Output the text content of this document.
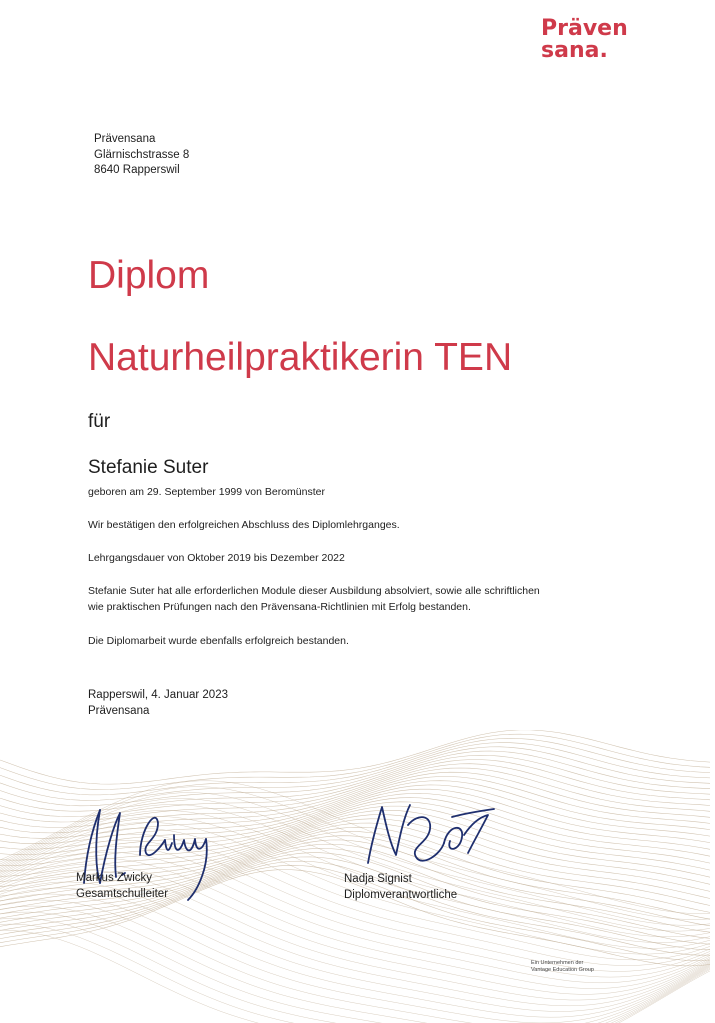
Präven
sana.
Prävensana
Glärnischstrasse 8
8640 Rapperswil
Diplom
Naturheilpraktikerin TEN
für
Stefanie Suter
geboren am 29. September 1999 von Beromünster
Wir bestätigen den erfolgreichen Abschluss des Diplomlehrganges.
Lehrgangsdauer von Oktober 2019 bis Dezember 2022
Stefanie Suter hat alle erforderlichen Module dieser Ausbildung absolviert, sowie alle schriftlichen
wie praktischen Prüfungen nach den Prävensana-Richtlinien mit Erfolg bestanden.
Die Diplomarbeit wurde ebenfalls erfolgreich bestanden.
Rapperswil, 4. Januar 2023
Prävensana
Markus Zwicky
Gesamtschulleiter
Nadja Signist
Diplomverantwortliche
Ein Unternehmen der
Vantage Education Group
